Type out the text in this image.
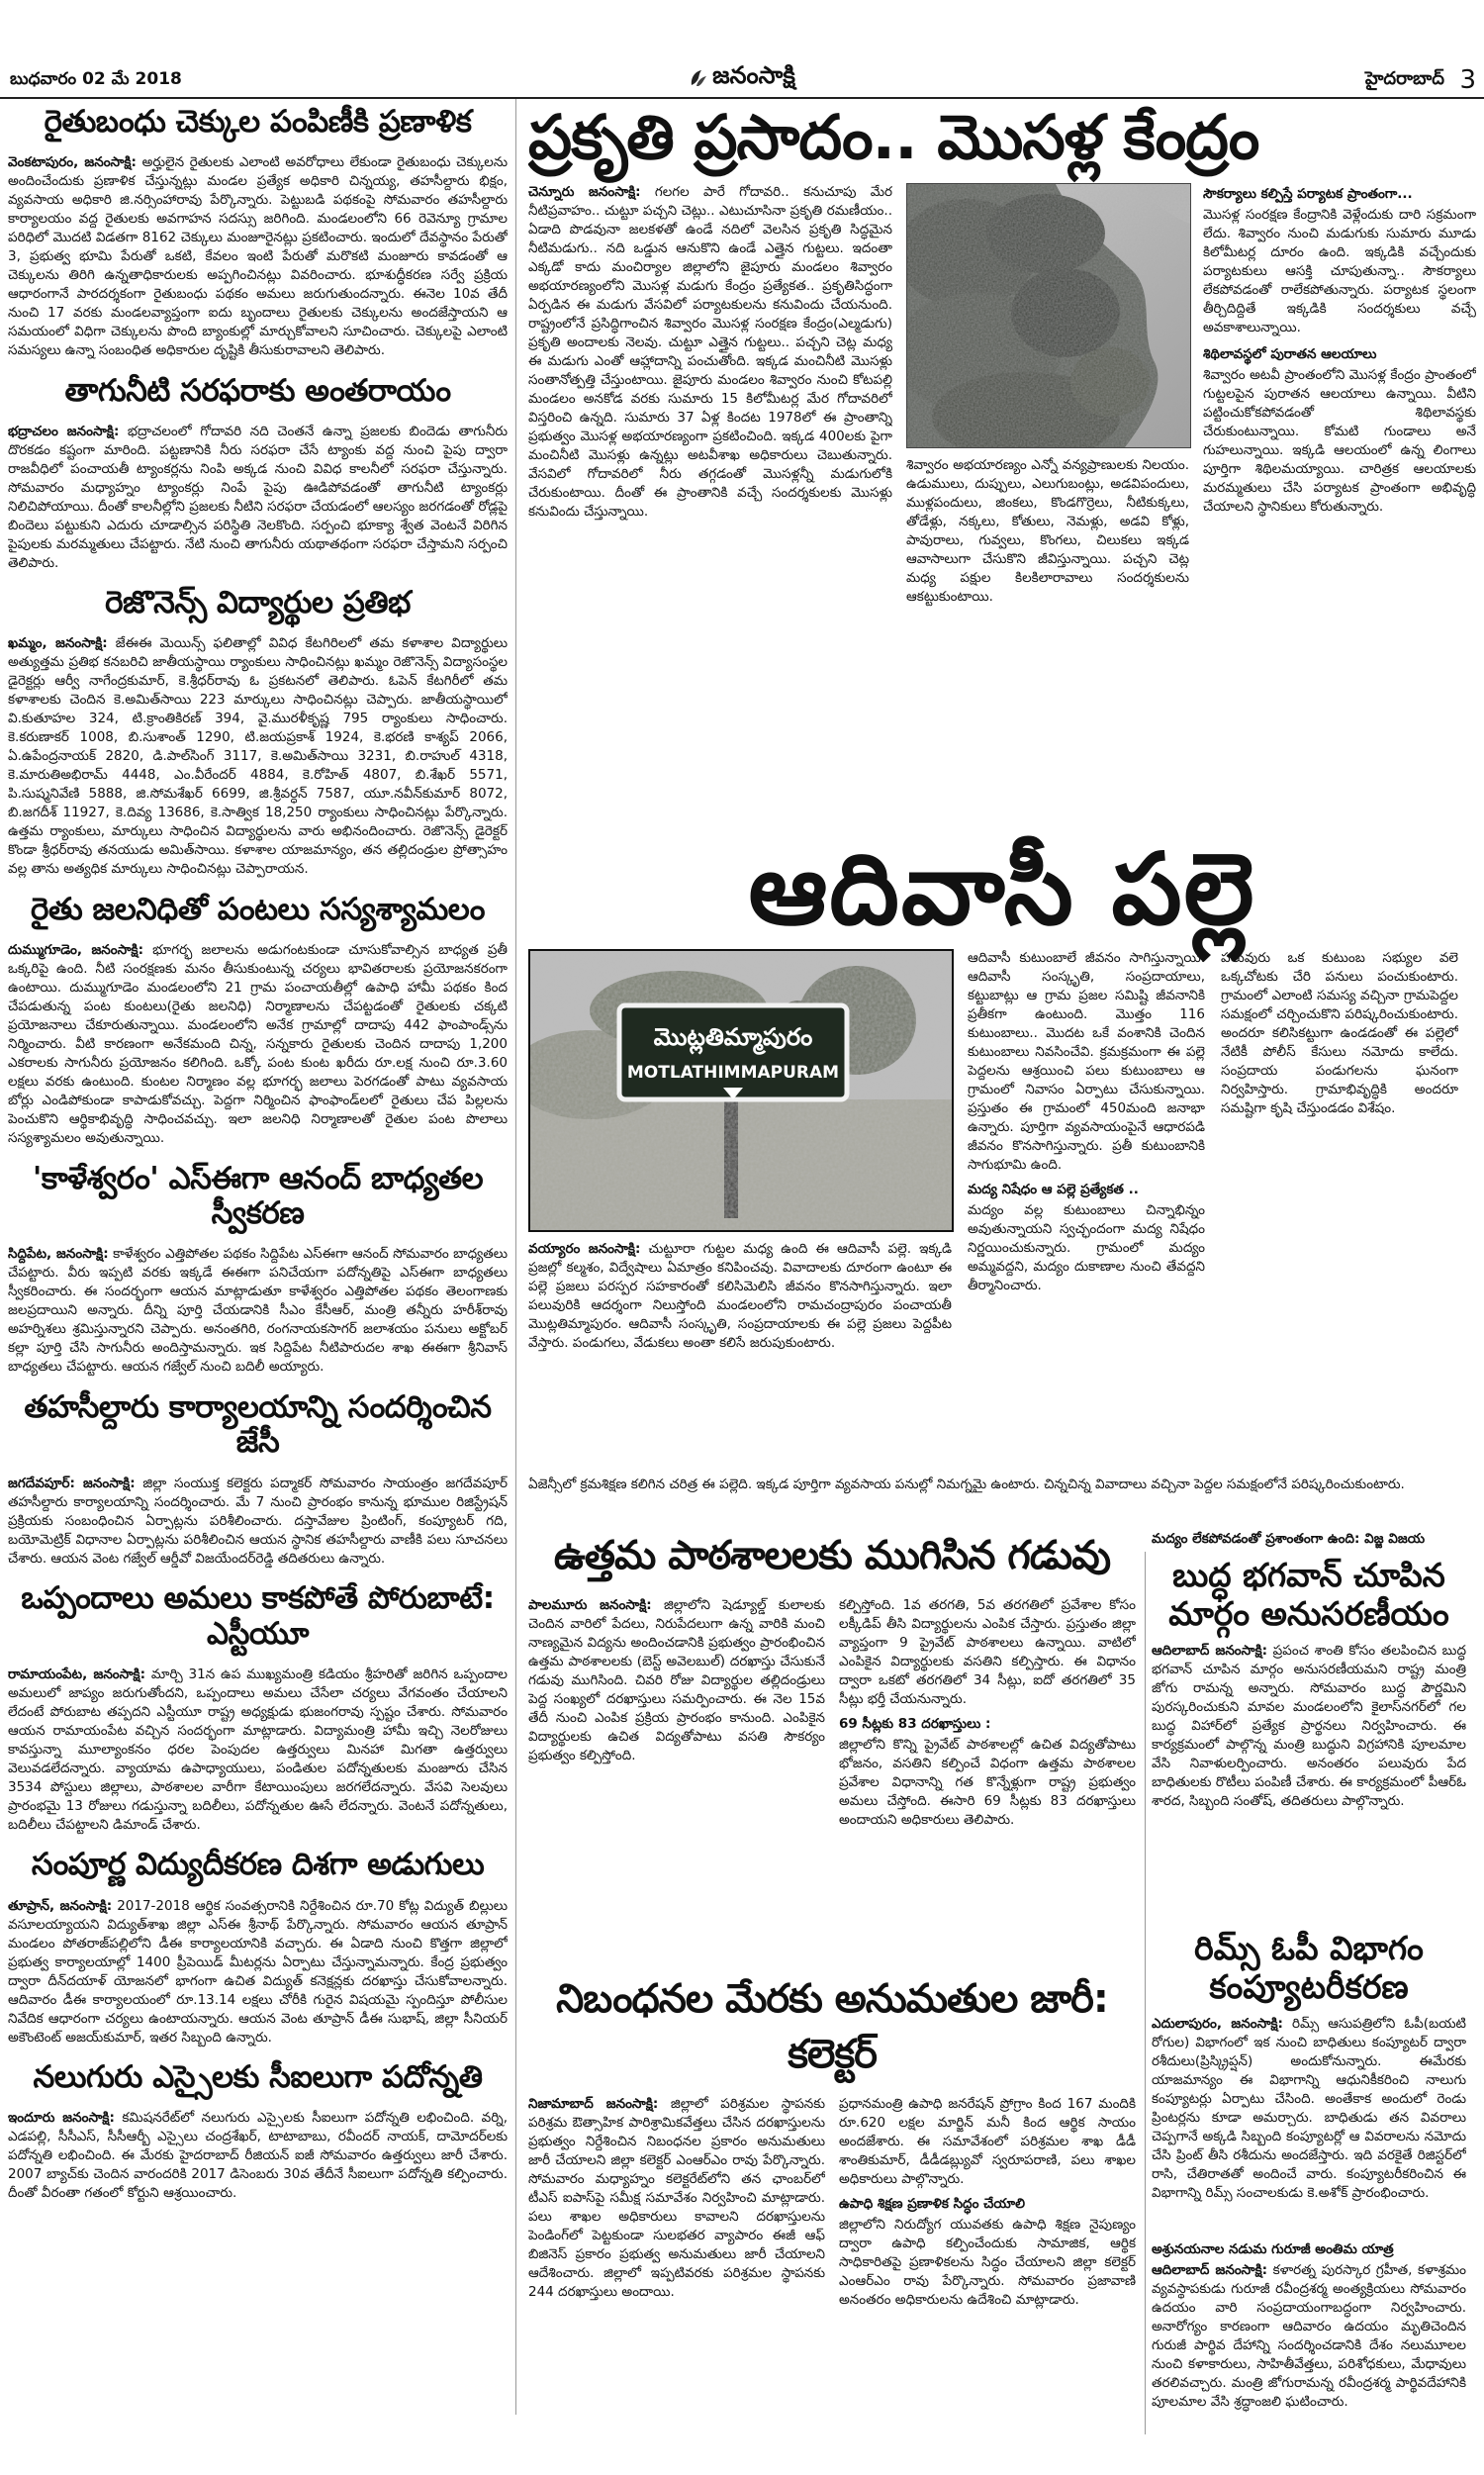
బుధవారం 02 మే 2018	జనంసాక్షి	హైదరాబాద్ 3
రైతుబంధు చెక్కుల పంపిణీకి ప్రణాళిక

వెంకటాపురం, జనంసాక్షి: అర్హులైన రైతులకు ఎలాంటి అవరోధాలు లేకుండా రైతుబంధు చెక్కులను అందించేందుకు ప్రణాళిక చేస్తున్నట్లు మండల ప్రత్యేక అధికారి చిన్నయ్య, తహసీల్దారు భిక్షం, వ్యవసాయ అధికారి జి.నర్సింహారావు పేర్కొన్నారు. పెట్టుబడి పథకంపై సోమవారం తహసీల్దారు కార్యాలయం వద్ద రైతులకు అవగాహన సదస్సు జరిగింది. మండలంలోని 66 రెవెన్యూ గ్రామాల పరిధిలో మొదటి విడతగా 8162 చెక్కులు మంజూరైనట్లు ప్రకటించారు. ఇందులో దేవస్థానం పేరుతో 3, ప్రభుత్వ భూమి పేరుతో ఒకటి, కేవలం ఇంటి పేరుతో మరొకటి మంజూరు కావడంతో ఆ చెక్కులను తిరిగి ఉన్నతాధికారులకు అప్పగించినట్లు వివరించారు. భూశుద్ధీకరణ సర్వే ప్రక్రియ ఆధారంగానే పారదర్శకంగా రైతుబంధు పథకం అమలు జరుగుతుందన్నారు. ఈనెల 10వ తేదీ నుంచి 17 వరకు మండలవ్యాప్తంగా ఐదు బృందాలు రైతులకు చెక్కులను అందజేస్తాయని ఆ సమయంలో విధిగా చెక్కులను పొంది బ్యాంకుల్లో మార్చుకోవాలని సూచించారు. చెక్కులపై ఎలాంటి సమస్యలు ఉన్నా సంబంధిత అధికారుల దృష్టికి తీసుకురావాలని తెలిపారు.

తాగునీటి సరఫరాకు అంతరాయం

భద్రాచలం జనంసాక్షి: భద్రాచలంలో గోదావరి నది చెంతనే ఉన్నా ప్రజలకు బిందెడు తాగునీరు దొరకడం కష్టంగా మారింది. పట్టణానికి నీరు సరఫరా చేసే ట్యాంకు వద్ద నుంచి పైపు ద్వారా రాజవీధిలో పంచాయతీ ట్యాంకర్లను నింపి అక్కడ నుంచి వివిధ కాలనీలో సరఫరా చేస్తున్నారు. సోమవారం మధ్యాహ్నం ట్యాంకర్లు నింపే పైపు ఊడిపోవడంతో తాగునీటి ట్యాంకర్లు నిలిచిపోయాయి. దీంతో కాలనీల్లోని ప్రజలకు నీటిని సరఫరా చేయడంలో ఆలస్యం జరగడంతో రోడ్లపై బిందెలు పట్టుకుని ఎదురు చూడాల్సిన పరిస్థితి నెలకొంది. సర్పంచి భూక్యా శ్వేత వెంటనే విరిగిన పైపులకు మరమ్మతులు చేపట్టారు. నేటి నుంచి తాగునీరు యథాతథంగా సరఫరా చేస్తామని సర్పంచి తెలిపారు.

రెజొనెన్స్ విద్యార్థుల ప్రతిభ

ఖమ్మం, జనంసాక్షి: జేఈఈ మెయిన్స్ ఫలితాల్లో వివిధ కేటగిరిలలో తమ కళాశాల విద్యార్థులు అత్యుత్తమ ప్రతిభ కనబరిచి జాతీయస్థాయి ర్యాంకులు సాధించినట్లు ఖమ్మం రెజొనెన్స్ విద్యాసంస్థల డైరెక్టర్లు ఆర్వీ నాగేంద్రకుమార్, కె.శ్రీధర్‌రావు ఓ ప్రకటనలో తెలిపారు. ఓపెన్ కేటగిరీలో తమ కళాశాలకు చెందిన కె.అమిత్‌సాయి 223 మార్కులు సాధించినట్లు చెప్పారు. జాతీయస్థాయిలో వి.కుతూహల 324, టి.క్రాంతికిరణ్ 394, వై.మురళీకృష్ణ 795 ర్యాంకులు సాధించారు. కె.కరుణాకర్ 1008, బి.సుశాంత్ 1290, టి.జయప్రకాశ్ 1924, కె.భరణి కాశ్యప్ 2066, ఏ.ఉపేంద్రనాయక్ 2820, డి.పాల్‌సింగ్ 3117, కె.అమిత్‌సాయి 3231, బి.రాహుల్ 4318, కె.మారుతిఅభిరామ్ 4448, ఎం.వీరేందర్ 4884, కె.రోహిత్ 4807, బి.శేఖర్ 5571, పి.సుష్మనివేణి 5888, జి.సోమశేఖర్ 6699, జి.శ్రీవర్ధన్ 7587, యూ.నవీన్‌కుమార్ 8072, బి.జగదీశ్ 11927, కె.దివ్య 13686, కె.సాత్విక 18,250 ర్యాంకులు సాధించినట్లు పేర్కొన్నారు. ఉత్తమ ర్యాంకులు, మార్కులు సాధించిన విద్యార్థులను వారు అభినందించారు. రెజొనెన్స్ డైరెక్టర్ కొండా శ్రీధర్‌రావు తనయుడు అమిత్‌సాయి. కళాశాల యాజమాన్యం, తన తల్లిదండ్రుల ప్రోత్సాహం వల్ల తాను అత్యధిక మార్కులు సాధించినట్లు చెప్పారాయన.

రైతు జలనిధితో పంటలు సస్యశ్యామలం

దుమ్ముగూడెం, జనంసాక్షి: భూగర్భ జలాలను అడుగంటకుండా చూసుకోవాల్సిన బాధ్యత ప్రతీ ఒక్కరిపై ఉంది. నీటి సంరక్షణకు మనం తీసుకుంటున్న చర్యలు భావితరాలకు ప్రయోజనకరంగా ఉంటాయి. దుమ్ముగూడెం మండలంలోని 21 గ్రామ పంచాయతీల్లో ఉపాధి హామీ పథకం కింద చేపడుతున్న పంట కుంటలు(రైతు జలనిధి) నిర్మాణాలను చేపట్టడంతో రైతులకు చక్కటి ప్రయోజనాలు చేకూరుతున్నాయి. మండలంలోని అనేక గ్రామాల్లో దాదాపు 442 ఫాంపాండ్స్‌ను నిర్మించారు. వీటి కారణంగా అనేకమంది చిన్న, సన్నకారు రైతులకు చెందిన దాదాపు 1,200 ఎకరాలకు సాగునీరు ప్రయోజనం కలిగింది. ఒక్కో పంట కుంట ఖరీదు రూ.లక్ష నుంచి రూ.3.60 లక్షలు వరకు ఉంటుంది. కుంటల నిర్మాణం వల్ల భూగర్భ జలాలు పెరగడంతో పాటు వ్యవసాయ బోర్లు ఎండిపోకుండా కాపాడుకోవచ్చు. పెద్దగా నిర్మించిన ఫాంఫాండ్‌లలో రైతులు చేప పిల్లలను పెంచుకొని ఆర్థికాభివృద్ధి సాధించవచ్చు. ఇలా జలనిధి నిర్మాణాలతో రైతుల పంట పొలాలు సస్యశ్యామలం అవుతున్నాయి.

'కాళేశ్వరం' ఎస్ఈగా ఆనంద్ బాధ్యతల స్వీకరణ

సిద్దిపేట, జనంసాక్షి: కాళేశ్వరం ఎత్తిపోతల పథకం సిద్దిపేట ఎస్ఈగా ఆనంద్ సోమవారం బాధ్యతలు చేపట్టారు. వీరు ఇప్పటి వరకు ఇక్కడే ఈఈగా పనిచేయగా పదోన్నతిపై ఎస్ఈగా బాధ్యతలు స్వీకరించారు. ఈ సందర్భంగా ఆయన మాట్లాడుతూ కాళేశ్వరం ఎత్తిపోతల పథకం తెలంగాణకు జలప్రదాయిని అన్నారు. దీన్ని పూర్తి చేయడానికి సీఎం కేసీఆర్, మంత్రి తన్నీరు హరీశ్‌రావు అహర్నిశలు శ్రమిస్తున్నారని చెప్పారు. అనంతగిరి, రంగనాయకసాగర్ జలాశయం పనులు అక్టోబర్ కల్లా పూర్తి చేసి సాగునీరు అందిస్తామన్నారు. ఇక సిద్దిపేట నీటిపారుదల శాఖ ఈఈగా శ్రీనివాస్ బాధ్యతలు చేపట్టారు. ఆయన గజ్వేల్ నుంచి బదిలీ అయ్యారు.

తహసీల్దారు కార్యాలయాన్ని సందర్శించిన జేసీ

జగదేవపూర్: జనంసాక్షి: జిల్లా సంయుక్త కలెక్టరు పద్మాకర్ సోమవారం సాయంత్రం జగదేవపూర్ తహసీల్దారు కార్యాలయాన్ని సందర్శించారు. మే 7 నుంచి ప్రారంభం కానున్న భూముల రిజిస్ట్రేషన్ ప్రక్రియకు సంబంధించిన ఏర్పాట్లను పరిశీలించారు. దస్తావేజుల ప్రింటింగ్, కంప్యూటర్ గది, బయోమెట్రిక్ విధానాల ఏర్పాట్లను పరిశీలించిన ఆయన స్థానిక తహసీల్దారు వాణీకి పలు సూచనలు చేశారు. ఆయన వెంట గజ్వేల్ ఆర్డీవో విజయేందర్‌రెడ్డి తదితరులు ఉన్నారు.

ఒప్పందాలు అమలు కాకపోతే పోరుబాటే: ఎస్టీయూ

రామాయంపేట, జనంసాక్షి: మార్చి 31న ఉప ముఖ్యమంత్రి కడియం శ్రీహరితో జరిగిన ఒప్పందాల అమలులో జాప్యం జరుగుతోందని, ఒప్పందాలు అమలు చేసేలా చర్యలు వేగవంతం చేయాలని లేదంటే పోరుబాట తప్పదని ఎస్టీయూ రాష్ట్ర అధ్యక్షుడు భుజంగరావు స్పష్టం చేశారు. సోమవారం ఆయన రామాయంపేట వచ్చిన సందర్భంగా మాట్లాడారు. విద్యామంత్రి హామీ ఇచ్చి నెలరోజులు కావస్తున్నా మూల్యాంకనం ధరల పెంపుదల ఉత్తర్వులు మినహా మిగతా ఉత్తర్వులు వెలువడలేదన్నారు. వ్యాయామ ఉపాధ్యాయులు, పండితుల పదోన్నతులకు మంజూరు చేసిన 3534 పోస్టులు జిల్లాలు, పాఠశాలల వారీగా కేటాయింపులు జరగలేదన్నారు. వేసవి సెలవులు ప్రారంభమై 13 రోజులు గడుస్తున్నా బదిలీలు, పదోన్నతుల ఊసే లేదన్నారు. వెంటనే పదోన్నతులు, బదిలీలు చేపట్టాలని డిమాండ్ చేశారు.

సంపూర్ణ విద్యుదీకరణ దిశగా అడుగులు

తూప్రాన్, జనంసాక్షి: 2017-2018 ఆర్థిక సంవత్సరానికి నిర్దేశించిన రూ.70 కోట్ల విద్యుత్ బిల్లులు వసూలయ్యాయని విద్యుత్‌శాఖ జిల్లా ఎస్ఈ శ్రీనాథ్ పేర్కొన్నారు. సోమవారం ఆయన తూప్రాన్ మండలం పోతరాజ్‌పల్లిలోని డీఈ కార్యాలయానికి వచ్చారు. ఈ ఏడాది నుంచి కొత్తగా జిల్లాలో ప్రభుత్వ కార్యాలయాల్లో 1400 ప్రీపెయిడ్ మీటర్లను ఏర్పాటు చేస్తున్నామన్నారు. కేంద్ర ప్రభుత్వం ద్వారా దీన్‌దయాళ్ యోజనలో భాగంగా ఉచిత విద్యుత్ కనెక్షన్లకు దరఖాస్తు చేసుకోవాలన్నారు. ఆదివారం డీఈ కార్యాలయంలో రూ.13.14 లక్షలు చోరీకి గురైన విషయమై స్పందిస్తూ పోలీసుల నివేదిక ఆధారంగా చర్యలు ఉంటాయన్నారు. ఆయన వెంట తూప్రాన్ డీఈ సుభాష్, జిల్లా సీనియర్ అకౌంటెంట్ అజయ్‌కుమార్, ఇతర సిబ్బంది ఉన్నారు.

నలుగురు ఎస్సైలకు సీఐలుగా పదోన్నతి

ఇందూరు జనంసాక్షి: కమిషనరేట్‌లో నలుగురు ఎస్సైలకు సీఐలుగా పదోన్నతి లభించింది. వర్ని, ఎడపల్లి, సీసీఎస్, సీసీఆర్బీ ఎస్సైలు చంద్రశేఖర్, టాటాబాబు, రవీందర్ నాయక్, దామోదర్‌లకు పదోన్నతి లభించింది. ఈ మేరకు హైదరాబాద్ రీజియన్ ఐజీ సోమవారం ఉత్తర్వులు జారీ చేశారు. 2007 బ్యాచ్‌కు చెందిన వారందరికి 2017 డిసెంబరు 30వ తేదీనే సీఐలుగా పదోన్నతి కల్పించారు. దీంతో వీరంతా గతంలో కోర్టుని ఆశ్రయించారు.

ప్రకృతి ప్రసాదం.. మొసళ్ల కేంద్రం
చెన్నూరు జనంసాక్షి: గలగల పారే గోదావరి.. కనుచూపు మేర నీటిప్రవాహం.. చుట్టూ పచ్చని చెట్లు.. ఎటుచూసినా ప్రకృతి రమణీయం.. ఏడాది పొడవునా జలకళతో ఉండే నదిలో వెలసిన ప్రకృతి సిద్ధమైన నీటిమడుగు.. నది ఒడ్డున ఆనుకొని ఉండే ఎత్తైన గుట్టలు. ఇదంతా ఎక్కడో కాదు మంచిర్యాల జిల్లాలోని జైపూరు మండలం శివ్వారం అభయారణ్యంలోని మొసళ్ల మడుగు కేంద్రం ప్రత్యేకత.. ప్రకృతిసిద్ధంగా ఏర్పడిన ఈ మడుగు వేసవిలో పర్యాటకులను కనువిందు చేయనుంది. రాష్ట్రంలోనే ప్రసిద్ధిగాంచిన శివ్వారం మొసళ్ల సంరక్షణ కేంద్రం(ఎల్మడుగు) ప్రకృతి అందాలకు నెలవు. చుట్టూ ఎత్తైన గుట్టలు.. పచ్చని చెట్ల మధ్య ఈ మడుగు ఎంతో ఆహ్లాదాన్ని పంచుతోంది. ఇక్కడ మంచినీటి మొసళ్లు సంతానోత్పత్తి చేస్తుంటాయి. జైపూరు మండలం శివ్వారం నుంచి కోటపల్లి మండలం అనకోడ వరకు సుమారు 15 కిలోమీటర్ల మేర గోదావరిలో విస్తరించి ఉన్నది. సుమారు 37 ఏళ్ల కిందట 1978లో ఈ ప్రాంతాన్ని ప్రభుత్వం మొసళ్ల అభయారణ్యంగా ప్రకటించింది. ఇక్కడ 400లకు పైగా మంచినీటి మొసళ్లు ఉన్నట్లు అటవీశాఖ అధికారులు చెబుతున్నారు. వేసవిలో గోదావరిలో నీరు తగ్గడంతో మొసళ్లన్నీ మడుగులోకి చేరుకుంటాయి. దీంతో ఈ ప్రాంతానికి వచ్చే సందర్శకులకు మొసళ్లు కనువిందు చేస్తున్నాయి.
శివ్వారం అభయారణ్యం ఎన్నో వన్యప్రాణులకు నిలయం. ఉడుములు, దుప్పులు, ఎలుగుబంట్లు, అడవిపందులు, ముళ్లపందులు, జింకలు, కొండగొర్రెలు, నీటికుక్కలు, తోడేళ్లు, నక్కలు, కోతులు, నెమళ్లు, అడవి కోళ్లు, పావురాలు, గువ్వలు, కొంగలు, చిలుకలు ఇక్కడ ఆవాసాలుగా చేసుకొని జీవిస్తున్నాయి. పచ్చని చెట్ల మధ్య పక్షుల కిలకిలారావాలు సందర్శకులను ఆకట్టుకుంటాయి.
సౌకర్యాలు కల్పిస్తే పర్యాటక ప్రాంతంగా...

మొసళ్ల సంరక్షణ కేంద్రానికి వెళ్లేందుకు దారి సక్రమంగా లేదు. శివ్వారం నుంచి మడుగుకు సుమారు మూడు కిలోమీటర్ల దూరం ఉంది. ఇక్కడికి వచ్చేందుకు పర్యాటకులు ఆసక్తి చూపుతున్నా.. సౌకర్యాలు లేకపోవడంతో రాలేకపోతున్నారు. పర్యాటక స్థలంగా తీర్చిదిద్దితే ఇక్కడికి సందర్శకులు వచ్చే అవకాశాలున్నాయి.

శిథిలావస్థలో పురాతన ఆలయాలు

శివ్వారం అటవీ ప్రాంతంలోని మొసళ్ల కేంద్రం ప్రాంతంలో గుట్టలపైన పురాతన ఆలయాలు ఉన్నాయి. వీటిని పట్టించుకోకపోవడంతో శిథిలావస్థకు చేరుకుంటున్నాయి. కోమటి గుండాలు అనే గుహలున్నాయి. ఇక్కడి ఆలయంలో ఉన్న లింగాలు పూర్తిగా శిథిలమయ్యాయి. చారిత్రక ఆలయాలకు మరమ్మతులు చేసి పర్యాటక ప్రాంతంగా అభివృద్ధి చేయాలని స్థానికులు కోరుతున్నారు.

ఆదివాసీ పల్లె
మొట్లతిమ్మాపురం
MOTLATHIMMAPURAM
వయ్యారం జనంసాక్షి: చుట్టూరా గుట్టల మధ్య ఉంది ఈ ఆదివాసీ పల్లె. ఇక్కడి ప్రజల్లో కల్మశం, విద్వేషాలు ఏమాత్రం కనిపించవు. వివాదాలకు దూరంగా ఉంటూ ఈ పల్లె ప్రజలు పరస్పర సహకారంతో కలిసిమెలిసి జీవనం కొనసాగిస్తున్నారు. ఇలా పలువురికి ఆదర్శంగా నిలుస్తోంది మండలంలోని రామచంద్రాపురం పంచాయతీ మొట్లతిమ్మాపురం. ఆదివాసీ సంస్కృతి, సంప్రదాయాలకు ఈ పల్లె ప్రజలు పెద్దపీట వేస్తారు. పండుగలు, వేడుకలు అంతా కలిసే జరుపుకుంటారు.

ఆదివాసీ కుటుంబాలే జీవనం సాగిస్తున్నాయి. ఆదివాసీ సంస్కృతి, సంప్రదాయాలు, కట్టుబాట్లు ఆ గ్రామ ప్రజల సమిష్టి జీవనానికి ప్రతీకగా ఉంటుంది. మొత్తం 116 కుటుంబాలు.. మొదట ఒకే వంశానికి చెందిన కుటుంబాలు నివసించేవి. క్రమక్రమంగా ఈ పల్లె పెద్దలను ఆశ్రయించి పలు కుటుంబాలు ఆ గ్రామంలో నివాసం ఏర్పాటు చేసుకున్నాయి. ప్రస్తుతం ఈ గ్రామంలో 450మంది జనాభా ఉన్నారు. పూర్తిగా వ్యవసాయంపైనే ఆధారపడి జీవనం కొనసాగిస్తున్నారు. ప్రతీ కుటుంబానికి సాగుభూమి ఉంది.

మద్య నిషేధం ఆ పల్లె ప్రత్యేకత ..

మద్యం వల్ల కుటుంబాలు చిన్నాభిన్నం అవుతున్నాయని స్వచ్ఛందంగా మద్య నిషేధం నిర్ణయించుకున్నారు. గ్రామంలో మద్యం అమ్మవద్దని, మద్యం దుకాణాల నుంచి తేవద్దని తీర్మానించారు.

పలువురు ఒక కుటుంబ సభ్యుల వలె ఒక్కచోటకు చేరి పనులు పంచుకుంటారు. గ్రామంలో ఎలాంటి సమస్య వచ్చినా గ్రామపెద్దల సమక్షంలో చర్చించుకొని పరిష్కరించుకుంటారు. అందరూ కలిసికట్టుగా ఉండడంతో ఈ పల్లెలో నేటికీ పోలీస్ కేసులు నమోదు కాలేదు. సంప్రదాయ పండుగలను ఘనంగా నిర్వహిస్తారు. గ్రామాభివృద్ధికి అందరూ సమష్టిగా కృషి చేస్తుండడం విశేషం.

ఏజెన్సీలో క్రమశిక్షణ కలిగిన చరిత్ర ఈ పల్లెది. ఇక్కడ పూర్తిగా వ్యవసాయ పనుల్లో నిమగ్నమై ఉంటారు. చిన్నచిన్న వివాదాలు వచ్చినా పెద్దల సమక్షంలోనే పరిష్కరించుకుంటారు.

ఉత్తమ పాఠశాలలకు ముగిసిన గడువు
పాలమూరు జనంసాక్షి: జిల్లాలోని షెడ్యూల్డ్ కులాలకు చెందిన వారిలో పేదలు, నిరుపేదలుగా ఉన్న వారికి మంచి నాణ్యమైన విద్యను అందించడానికి ప్రభుత్వం ప్రారంభించిన ఉత్తమ పాఠశాలలకు (బెస్ట్ అవెలబుల్) దరఖాస్తు చేసుకునే గడువు ముగిసింది. చివరి రోజు విద్యార్థుల తల్లిదండ్రులు పెద్ద సంఖ్యలో దరఖాస్తులు సమర్పించారు. ఈ నెల 15వ తేదీ నుంచి ఎంపిక ప్రక్రియ ప్రారంభం కానుంది. ఎంపికైన విద్యార్థులకు ఉచిత విద్యతోపాటు వసతి సౌకర్యం ప్రభుత్వం కల్పిస్తోంది.

కల్పిస్తోంది. 1వ తరగతి, 5వ తరగతిలో ప్రవేశాల కోసం లక్కీడిప్ తీసి విద్యార్థులను ఎంపిక చేస్తారు. ప్రస్తుతం జిల్లా వ్యాప్తంగా 9 ప్రైవేట్ పాఠశాలలు ఉన్నాయి. వాటిలో ఎంపికైన విద్యార్థులకు వసతిని కల్పిస్తారు. ఈ విధానం ద్వారా ఒకటో తరగతిలో 34 సీట్లు, ఐదో తరగతిలో 35 సీట్లు భర్తీ చేయనున్నారు.

69 సీట్లకు 83 దరఖాస్తులు :

జిల్లాలోని కొన్ని ప్రైవేట్ పాఠశాలల్లో ఉచిత విద్యతోపాటు భోజనం, వసతిని కల్పించే విధంగా ఉత్తమ పాఠశాలల ప్రవేశాల విధానాన్ని గత కొన్నేళ్లుగా రాష్ట్ర ప్రభుత్వం అమలు చేస్తోంది. ఈసారి 69 సీట్లకు 83 దరఖాస్తులు అందాయని అధికారులు తెలిపారు.

నిబంధనల మేరకు అనుమతుల జారీ: కలెక్టర్
నిజామాబాద్ జనంసాక్షి: జిల్లాలో పరిశ్రమల స్థాపనకు పరిశ్రమ ఔత్సాహిక పారిశ్రామికవేత్తలు చేసిన దరఖాస్తులను ప్రభుత్వం నిర్దేశించిన నిబంధనల ప్రకారం అనుమతులు జారీ చేయాలని జిల్లా కలెక్టర్ ఎంఆర్ఎం రావు పేర్కొన్నారు. సోమవారం మధ్యాహ్నం కలెక్టరేట్‌లోని తన ఛాంబర్‌లో టీఎస్ ఐపాస్‌పై సమీక్ష సమావేశం నిర్వహించి మాట్లాడారు. పలు శాఖల అధికారులు కావాలని దరఖాస్తులను పెండింగ్‌లో పెట్టకుండా సులభతర వ్యాపారం ఈజీ ఆఫ్ బిజినెస్ ప్రకారం ప్రభుత్వ అనుమతులు జారీ చేయాలని ఆదేశించారు. జిల్లాలో ఇప్పటివరకు పరిశ్రమల స్థాపనకు 244 దరఖాస్తులు అందాయి.

ప్రధానమంత్రి ఉపాధి జనరేషన్ ప్రోగ్రాం కింద 167 మందికి రూ.620 లక్షల మార్జిన్ మనీ కింద ఆర్థిక సాయం అందజేశారు. ఈ సమావేశంలో పరిశ్రమల శాఖ డీడీ శాంతికుమార్, డీడీడబ్ల్యువో స్వరూపరాణి, పలు శాఖల అధికారులు పాల్గొన్నారు.

ఉపాధి శిక్షణ ప్రణాళిక సిద్ధం చేయాలి

జిల్లాలోని నిరుద్యోగ యువతకు ఉపాధి శిక్షణ నైపుణ్యం ద్వారా ఉపాధి కల్పించేందుకు సామాజిక, ఆర్థిక సాధికారితపై ప్రణాళికలను సిద్ధం చేయాలని జిల్లా కలెక్టర్ ఎంఆర్ఎం రావు పేర్కొన్నారు. సోమవారం ప్రజావాణి అనంతరం అధికారులను ఉదేశించి మాట్లాడారు.

మద్యం లేకపోవడంతో ప్రశాంతంగా ఉంది: విజ్జ విజయ
బుద్ధ భగవాన్ చూపిన మార్గం అనుసరణీయం

ఆదిలాబాద్ జనంసాక్షి: ప్రపంచ శాంతి కోసం తలపించిన బుద్ధ భగవాన్ చూపిన మార్గం అనుసరణీయమని రాష్ట్ర మంత్రి జోగు రామన్న అన్నారు. సోమవారం బుద్ధ పౌర్ణమిని పురస్కరించుకుని మావల మండలంలోని కైలాస్‌నగర్‌లో గల బుద్ధ విహార్‌లో ప్రత్యేక ప్రార్థనలు నిర్వహించారు. ఈ కార్యక్రమంలో పాల్గొన్న మంత్రి బుద్ధుని విగ్రహానికి పూలమాల వేసి నివాళులర్పించారు. అనంతరం పలువురు పేద బాధితులకు రొటీలు పంపిణీ చేశారు. ఈ కార్యక్రమంలో పీఆర్ఓ శారద, సిబ్బంది సంతోష్, తదితరులు పాల్గొన్నారు.

రిమ్స్ ఓపీ విభాగం కంప్యూటరీకరణ

ఎదులాపురం, జనంసాక్షి: రిమ్స్ ఆసుపత్రిలోని ఓపీ(బయటి రోగుల) విభాగంలో ఇక నుంచి బాధితులు కంప్యూటర్ ద్వారా రశీదులు(ప్రిస్క్రిప్షన్) అందుకోనున్నారు. ఈమేరకు యాజమాన్యం ఈ విభాగాన్ని ఆధునికీకరించి నాలుగు కంప్యూటర్లు ఏర్పాటు చేసింది. అంతేకాక అందులో రెండు ప్రింటర్లను కూడా అమర్చారు. బాధితుడు తన వివరాలు చెప్పగానే అక్కడి సిబ్బంది కంప్యూటర్లో ఆ వివరాలను నమోదు చేసి ప్రింట్ తీసి రశీదును అందజేస్తారు. ఇది వరకైతే రిజిస్టర్‌లో రాసి, చేతిరాతతో అందించే వారు. కంప్యూటరీకరించిన ఈ విభాగాన్ని రిమ్స్ సంచాలకుడు కె.అశోక్ ప్రారంభించారు.

అశ్రునయనాల నడుమ గురూజీ అంతిమ యాత్ర

ఆదిలాబాద్ జనంసాక్షి: కళారత్న పురస్కార గ్రహీత, కళాశ్రమం వ్యవస్థాపకుడు గురూజీ రవీంద్రశర్మ అంత్యక్రియలు సోమవారం ఉదయం వారి సంప్రదాయంగాబద్ధంగా నిర్వహించారు. అనారోగ్యం కారణంగా ఆదివారం ఉదయం మృతిచెందిన గురుజీ పార్థివ దేహాన్ని సందర్శించడానికి దేశం నలుమూలల నుంచి కళాకారులు, సాహితీవేత్తలు, పరిశోధకులు, మేధావులు తరలివచ్చారు. మంత్రి జోగురామన్న రవీంద్రశర్మ పార్థివదేహానికి పూలమాల వేసి శ్రద్ధాంజలి ఘటించారు.
